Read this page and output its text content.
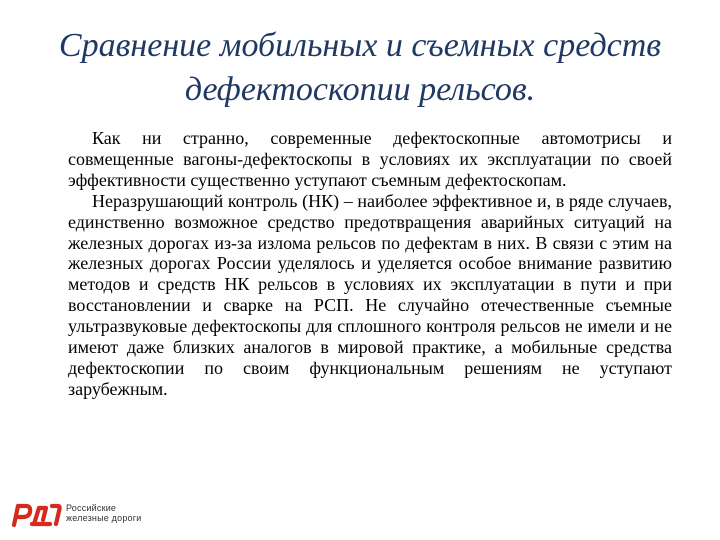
Сравнение мобильных и съемных средств дефектоскопии рельсов.

Как ни странно, современные дефектоскопные автомотрисы и совмещенные вагоны-дефектоскопы в условиях их эксплуатации по своей эффективности существенно уступают съемным дефектоскопам.

Неразрушающий контроль (НК) – наиболее эффективное и, в ряде случаев, единственно возможное средство предотвращения аварийных ситуаций на железных дорогах из-за излома рельсов по дефектам в них. В связи с этим на железных дорогах России уделялось и уделяется особое внимание развитию методов и средств НК рельсов в условиях их эксплуатации в пути и при восстановлении и сварке на РСП. Не случайно отечественные съемные ультразвуковые дефектоскопы для сплошного контроля рельсов не имели и не имеют даже близких аналогов в мировой практике, а мобильные средства дефектоскопии по своим функциональным решениям не уступают зарубежным.

Российские
железные дороги
